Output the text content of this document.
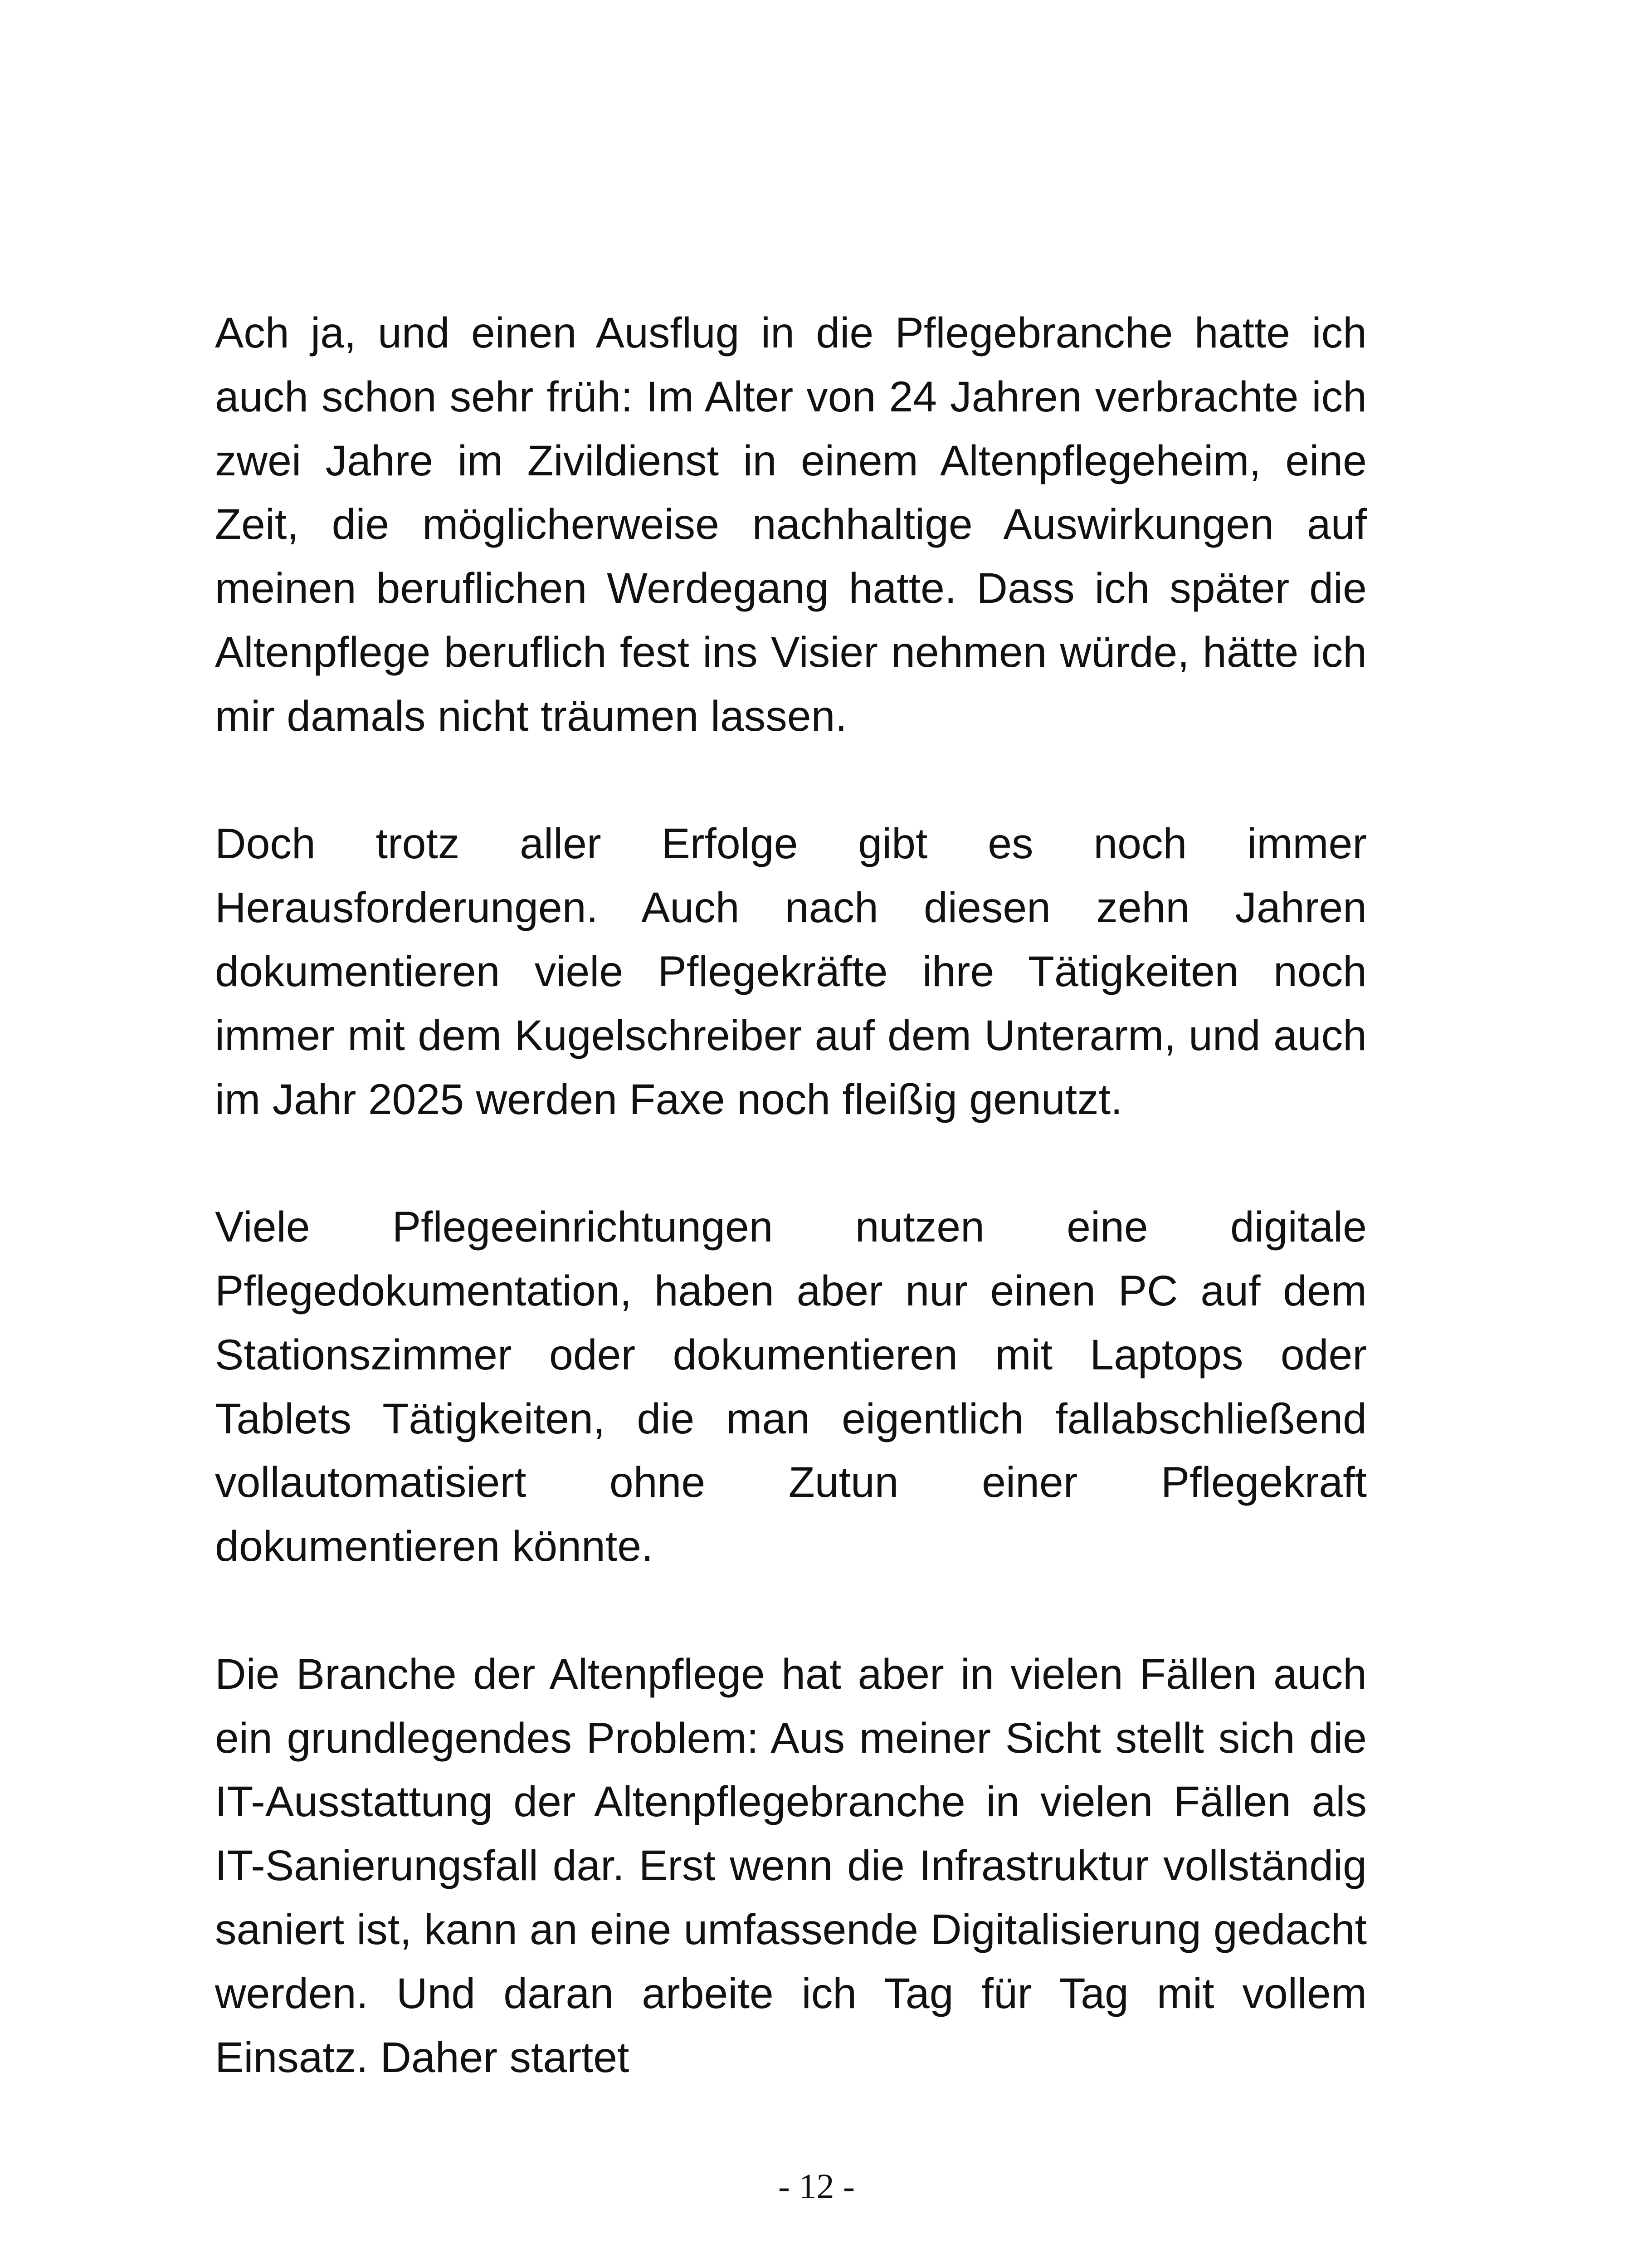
Ach ja, und einen Ausflug in die Pflegebranche hatte ich auch schon sehr früh: Im Alter von 24 Jahren verbrachte ich zwei Jahre im Zivildienst in einem Altenpflegeheim, eine Zeit, die möglicherweise nachhaltige Auswirkungen auf meinen beruflichen Werdegang hatte. Dass ich später die Altenpflege beruflich fest ins Visier nehmen würde, hätte ich mir damals nicht träumen lassen.

Doch trotz aller Erfolge gibt es noch immer Herausforderungen. Auch nach diesen zehn Jahren dokumentieren viele Pflegekräfte ihre Tätigkeiten noch immer mit dem Kugelschreiber auf dem Unterarm, und auch im Jahr 2025 werden Faxe noch fleißig genutzt.

Viele Pflegeeinrichtungen nutzen eine digitale Pflegedokumentation, haben aber nur einen PC auf dem Stationszimmer oder dokumentieren mit Laptops oder Tablets Tätigkeiten, die man eigentlich fallabschließend vollautomatisiert ohne Zutun einer Pflegekraft dokumentieren könnte.

Die Branche der Altenpflege hat aber in vielen Fällen auch ein grundlegendes Problem: Aus meiner Sicht stellt sich die IT-Ausstattung der Altenpflegebranche in vielen Fällen als IT-Sanierungsfall dar. Erst wenn die Infrastruktur vollständig saniert ist, kann an eine umfassende Digitalisierung gedacht werden. Und daran arbeite ich Tag für Tag mit vollem Einsatz. Daher startet

- 12 -
